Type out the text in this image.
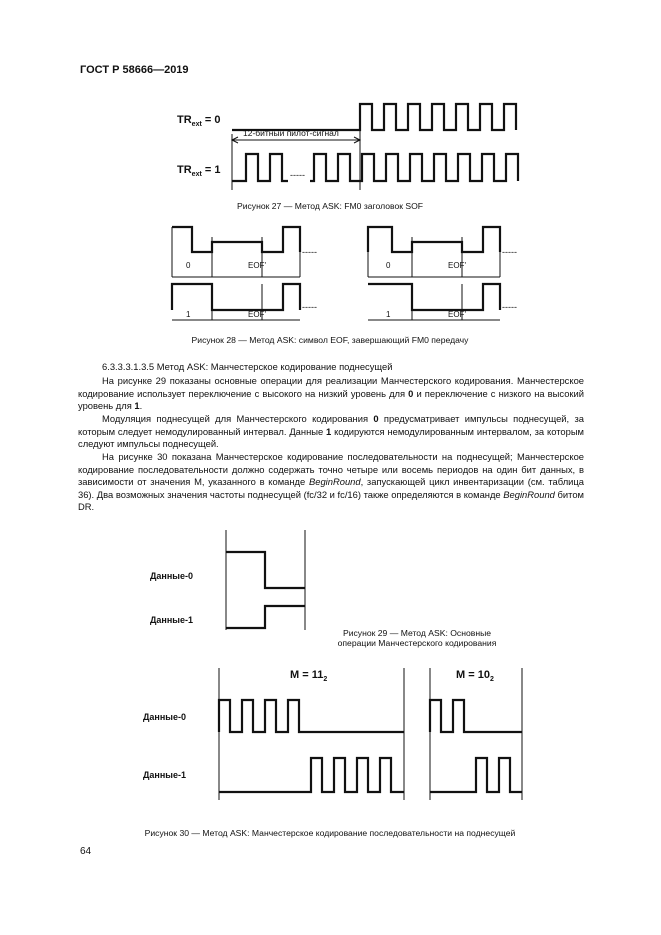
ГОСТ Р 58666—2019
$TR_{ext} = 0$
$TR_{ext} = 1$
12-битный пилот-сигнал
-----
Рисунок 27 — Метод ASK: FM0 заголовок SOF
-----
0	EOF'
-----
1	EOF'
-----
0	EOF'
-----
1	EOF'
Рисунок 28 — Метод ASK: символ EOF, завершающий FM0 передачу
6.3.3.3.1.3.5 Метод ASK: Манчестерское кодирование поднесущей

На рисунке 29 показаны основные операции для реализации Манчестерского кодирования. Манчестерское кодирование использует переключение с высокого на низкий уровень для 0 и переключение с низкого на высокий уровень для 1.

Модуляция поднесущей для Манчестерского кодирования 0 предусматривает импульсы поднесущей, за которым следует немодулированный интервал. Данные 1 кодируются немодулированным интервалом, за которым следуют импульсы поднесущей.

На рисунке 30 показана Манчестерское кодирование последовательности на поднесущей; Манчестерское кодирование последовательности должно содержать точно четыре или восемь периодов на один бит данных, в зависимости от значения M, указанного в команде BeginRound, запускающей цикл инвентаризации (см. таблица 36). Два возможных значения частоты поднесущей (fc/32 и fc/16) также определяются в команде BeginRound битом DR.

Данные-0
Данные-1
Рисунок 29 — Метод ASK: Основные
операции Манчестерского кодирования
$M = 11_2$	$M = 10_2$
Данные-0
Данные-1
Рисунок 30 — Метод ASK: Манчестерское кодирование последовательности на поднесущей
64
